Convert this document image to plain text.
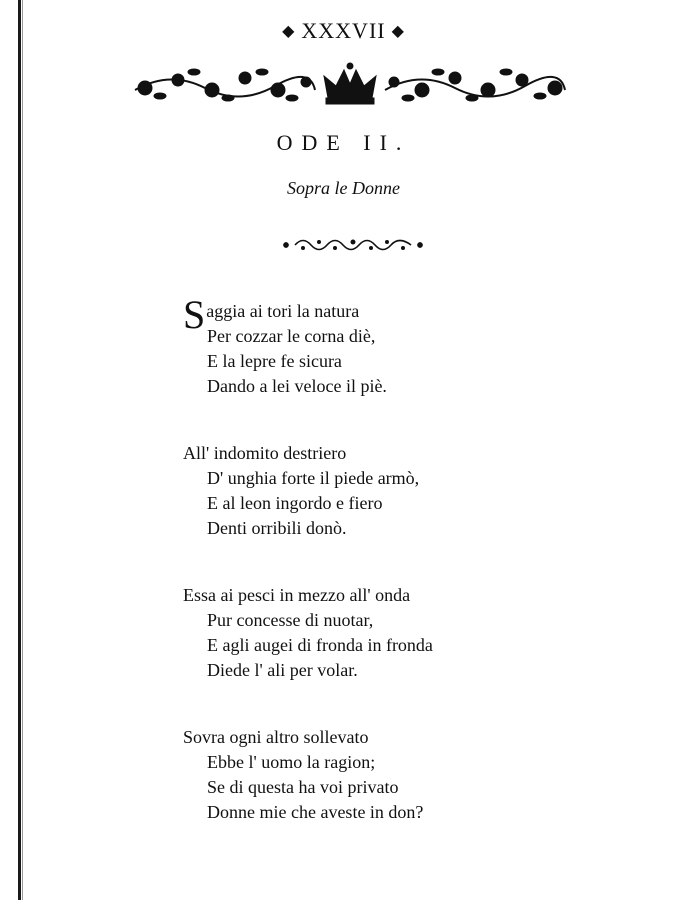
◆ XXXVII ◆
ODE II.
Sopra le Donne
Saggia ai tori la natura
Per cozzar le corna diè,
E la lepre fe sicura
Dando a lei veloce il piè.
All' indomito destriero
D' unghia forte il piede armò,
E al leon ingordo e fiero
Denti orribili donò.
Essa ai pesci in mezzo all' onda
Pur concesse di nuotar,
E agli augei di fronda in fronda
Diede l' ali per volar.
Sovra ogni altro sollevato
Ebbe l' uomo la ragion;
Se di questa ha voi privato
Donne mie che aveste in don?
